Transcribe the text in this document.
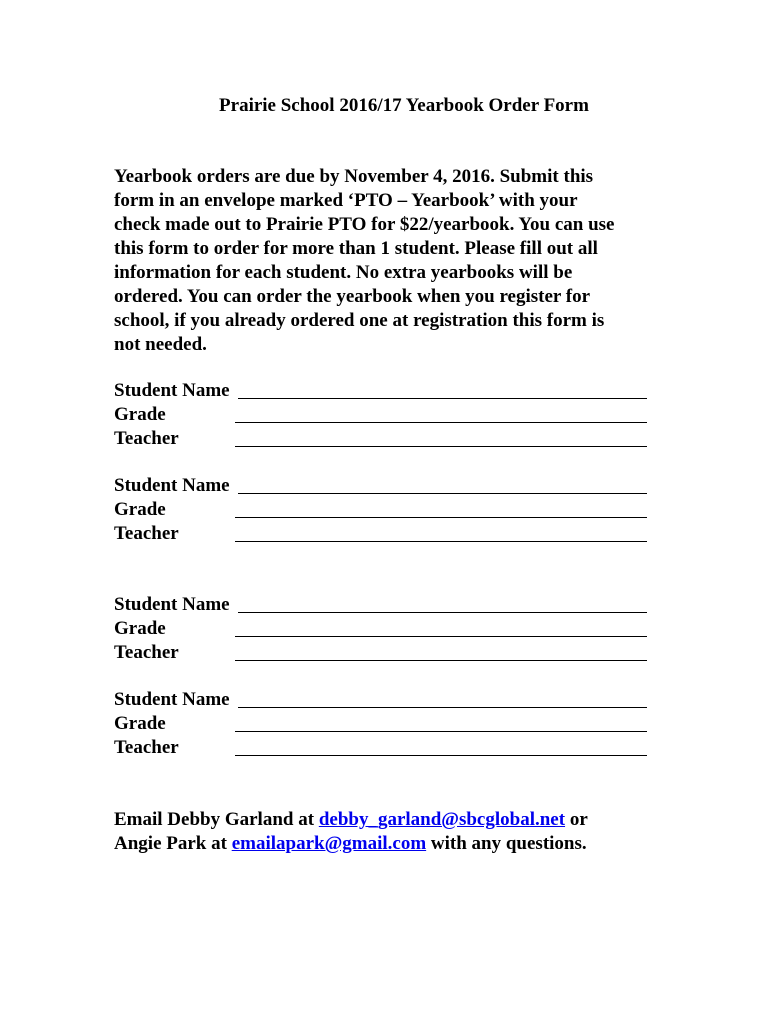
Prairie School 2016/17 Yearbook Order Form

Yearbook orders are due by November 4, 2016. Submit this

form in an envelope marked ‘PTO – Yearbook’ with your

check made out to Prairie PTO for $22/yearbook. You can use

this form to order for more than 1 student. Please fill out all

information for each student. No extra yearbooks will be

ordered. You can order the yearbook when you register for

school, if you already ordered one at registration this form is

not needed.

Student Name
Grade
Teacher
Student Name
Grade
Teacher
Student Name
Grade
Teacher
Student Name
Grade
Teacher

Email Debby Garland at debby_garland@sbcglobal.net or

Angie Park at emailapark@gmail.com with any questions.
